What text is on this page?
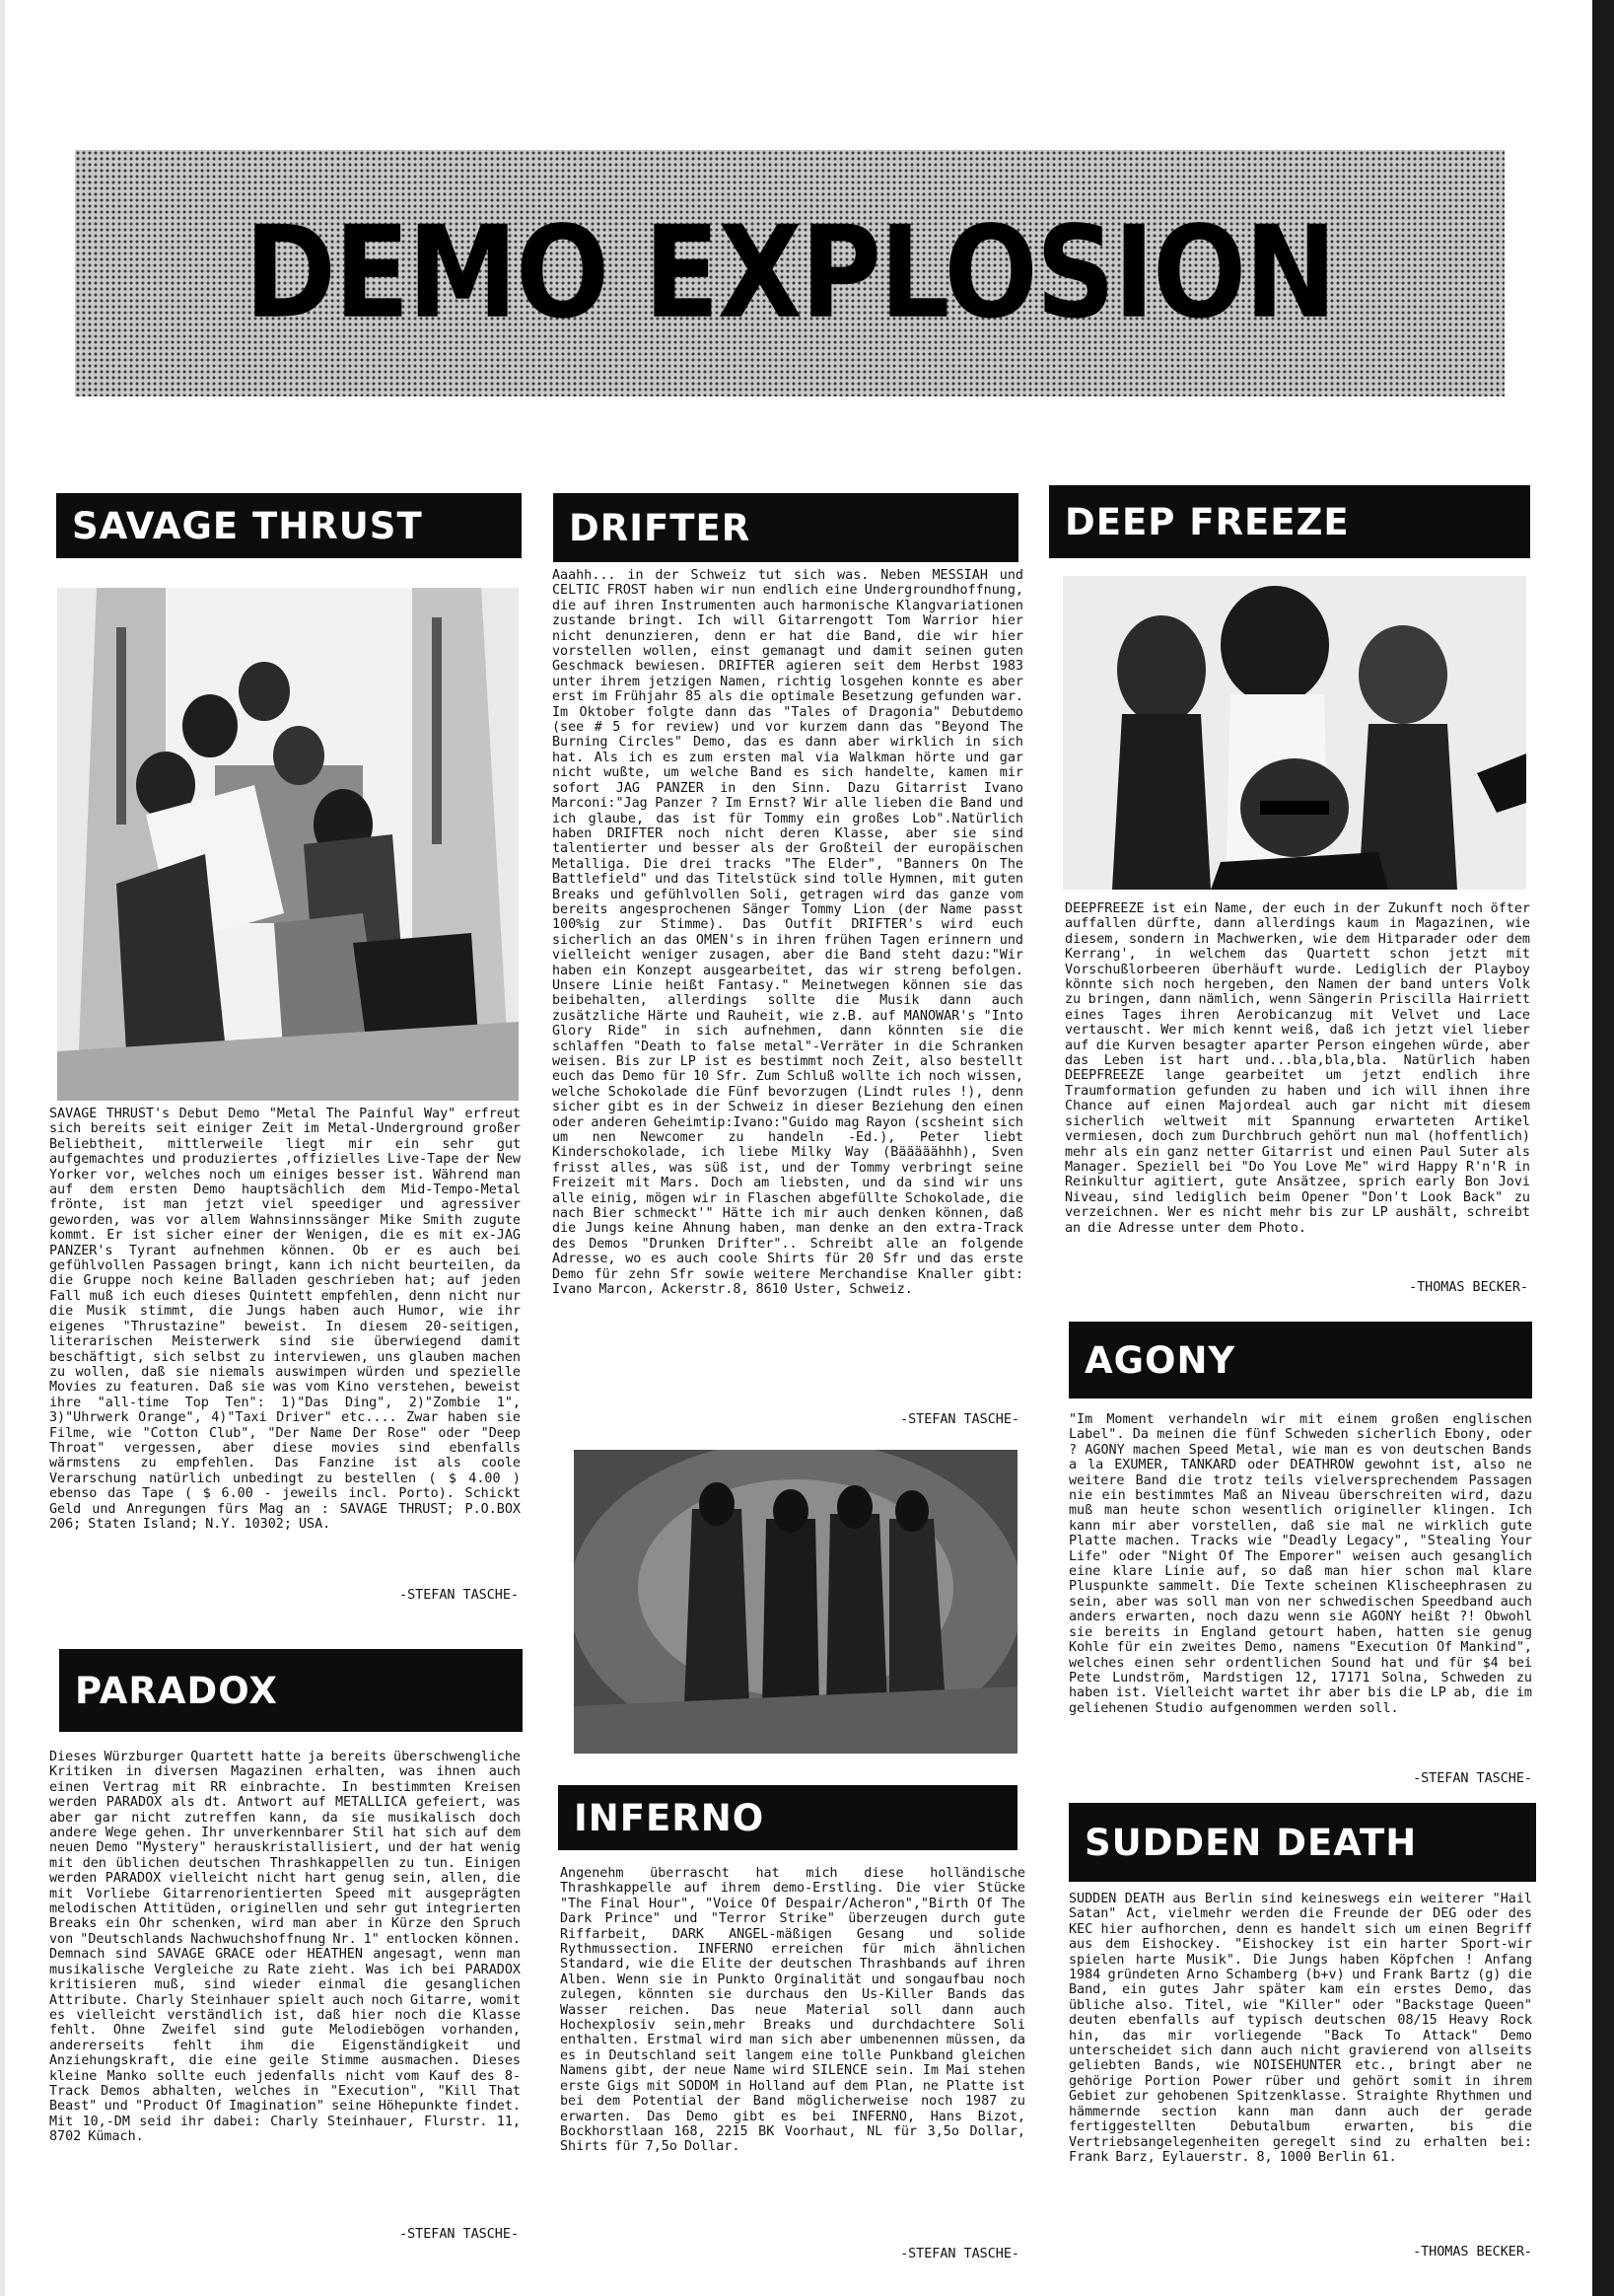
DEMO EXPLOSION
SAVAGE THRUST
SAVAGE THRUST's Debut Demo "Metal The Painful Way" erfreut sich bereits seit einiger Zeit im Metal-Underground großer Beliebtheit, mittlerweile liegt mir ein sehr gut aufgemachtes und produziertes ,offizielles Live-Tape der New Yorker vor, welches noch um einiges besser ist. Während man auf dem ersten Demo hauptsächlich dem Mid-Tempo-Metal frönte, ist man jetzt viel speediger und agressiver geworden, was vor allem Wahnsinnssänger Mike Smith zugute kommt. Er ist sicher einer der Wenigen, die es mit ex-JAG PANZER's Tyrant aufnehmen können. Ob er es auch bei gefühlvollen Passagen bringt, kann ich nicht beurteilen, da die Gruppe noch keine Balladen geschrieben hat; auf jeden Fall muß ich euch dieses Quintett empfehlen, denn nicht nur die Musik stimmt, die Jungs haben auch Humor, wie ihr eigenes "Thrustazine" beweist. In diesem 20-seitigen, literarischen Meisterwerk sind sie überwiegend damit beschäftigt, sich selbst zu interviewen, uns glauben machen zu wollen, daß sie niemals auswimpen würden und spezielle Movies zu featuren. Daß sie was vom Kino verstehen, beweist ihre "all-time Top Ten": 1)"Das Ding", 2)"Zombie 1", 3)"Uhrwerk Orange", 4)"Taxi Driver" etc.... Zwar haben sie Filme, wie "Cotton Club", "Der Name Der Rose" oder "Deep Throat" vergessen, aber diese movies sind ebenfalls wärmstens zu empfehlen. Das Fanzine ist als coole Verarschung natürlich unbedingt zu bestellen ( $ 4.00 ) ebenso das Tape ( $ 6.00 - jeweils incl. Porto). Schickt Geld und Anregungen fürs Mag an : SAVAGE THRUST; P.O.BOX 206; Staten Island; N.Y. 10302; USA.
-STEFAN TASCHE-
PARADOX
Dieses Würzburger Quartett hatte ja bereits überschwengliche Kritiken in diversen Magazinen erhalten, was ihnen auch einen Vertrag mit RR einbrachte. In bestimmten Kreisen werden PARADOX als dt. Antwort auf METALLICA gefeiert, was aber gar nicht zutreffen kann, da sie musikalisch doch andere Wege gehen. Ihr unverkennbarer Stil hat sich auf dem neuen Demo "Mystery" herauskristallisiert, und der hat wenig mit den üblichen deutschen Thrashkappellen zu tun. Einigen werden PARADOX vielleicht nicht hart genug sein, allen, die mit Vorliebe Gitarrenorientierten Speed mit ausgeprägten melodischen Attitüden, originellen und sehr gut integrierten Breaks ein Ohr schenken, wird man aber in Kürze den Spruch von "Deutschlands Nachwuchshoffnung Nr. 1" entlocken können. Demnach sind SAVAGE GRACE oder HEATHEN angesagt, wenn man musikalische Vergleiche zu Rate zieht. Was ich bei PARADOX kritisieren muß, sind wieder einmal die gesanglichen Attribute. Charly Steinhauer spielt auch noch Gitarre, womit es vielleicht verständlich ist, daß hier noch die Klasse fehlt. Ohne Zweifel sind gute Melodiebögen vorhanden, andererseits fehlt ihm die Eigenständigkeit und Anziehungskraft, die eine geile Stimme ausmachen. Dieses kleine Manko sollte euch jedenfalls nicht vom Kauf des 8-Track Demos abhalten, welches in "Execution", "Kill That Beast" und "Product Of Imagination" seine Höhepunkte findet. Mit 10,-DM seid ihr dabei: Charly Steinhauer, Flurstr. 11, 8702 Kümach.
-STEFAN TASCHE-
DRIFTER
Aaahh... in der Schweiz tut sich was. Neben MESSIAH und CELTIC FROST haben wir nun endlich eine Undergroundhoffnung, die auf ihren Instrumenten auch harmonische Klangvariationen zustande bringt. Ich will Gitarrengott Tom Warrior hier nicht denunzieren, denn er hat die Band, die wir hier vorstellen wollen, einst gemanagt und damit seinen guten Geschmack bewiesen. DRIFTER agieren seit dem Herbst 1983 unter ihrem jetzigen Namen, richtig losgehen konnte es aber erst im Frühjahr 85 als die optimale Besetzung gefunden war. Im Oktober folgte dann das "Tales of Dragonia" Debutdemo (see # 5 for review) und vor kurzem dann das "Beyond The Burning Circles" Demo, das es dann aber wirklich in sich hat. Als ich es zum ersten mal via Walkman hörte und gar nicht wußte, um welche Band es sich handelte, kamen mir sofort JAG PANZER in den Sinn. Dazu Gitarrist Ivano Marconi:"Jag Panzer ? Im Ernst? Wir alle lieben die Band und ich glaube, das ist für Tommy ein großes Lob".Natürlich haben DRIFTER noch nicht deren Klasse, aber sie sind talentierter und besser als der Großteil der europäischen Metalliga. Die drei tracks "The Elder", "Banners On The Battlefield" und das Titelstück sind tolle Hymnen, mit guten Breaks und gefühlvollen Soli, getragen wird das ganze vom bereits angesprochenen Sänger Tommy Lion (der Name passt 100%ig zur Stimme). Das Outfit DRIFTER's wird euch sicherlich an das OMEN's in ihren frühen Tagen erinnern und vielleicht weniger zusagen, aber die Band steht dazu:"Wir haben ein Konzept ausgearbeitet, das wir streng befolgen. Unsere Linie heißt Fantasy." Meinetwegen können sie das beibehalten, allerdings sollte die Musik dann auch zusätzliche Härte und Rauheit, wie z.B. auf MANOWAR's "Into Glory Ride" in sich aufnehmen, dann könnten sie die schlaffen "Death to false metal"-Verräter in die Schranken weisen. Bis zur LP ist es bestimmt noch Zeit, also bestellt euch das Demo für 10 Sfr. Zum Schluß wollte ich noch wissen, welche Schokolade die Fünf bevorzugen (Lindt rules !), denn sicher gibt es in der Schweiz in dieser Beziehung den einen oder anderen Geheimtip:Ivano:"Guido mag Rayon (scsheint sich um nen Newcomer zu handeln -Ed.), Peter liebt Kinderschokolade, ich liebe Milky Way (Bääääähhh), Sven frisst alles, was süß ist, und der Tommy verbringt seine Freizeit mit Mars. Doch am liebsten, und da sind wir uns alle einig, mögen wir in Flaschen abgefüllte Schokolade, die nach Bier schmeckt'" Hätte ich mir auch denken können, daß die Jungs keine Ahnung haben, man denke an den extra-Track des Demos "Drunken Drifter".. Schreibt alle an folgende Adresse, wo es auch coole Shirts für 20 Sfr und das erste Demo für zehn Sfr sowie weitere Merchandise Knaller gibt: Ivano Marcon, Ackerstr.8, 8610 Uster, Schweiz.
-STEFAN TASCHE-
INFERNO
Angenehm überrascht hat mich diese holländische Thrashkappelle auf ihrem demo-Erstling. Die vier Stücke "The Final Hour", "Voice Of Despair/Acheron","Birth Of The Dark Prince" und "Terror Strike" überzeugen durch gute Riffarbeit, DARK ANGEL-mäßigen Gesang und solide Rythmussection. INFERNO erreichen für mich ähnlichen Standard, wie die Elite der deutschen Thrashbands auf ihren Alben. Wenn sie in Punkto Orginalität und songaufbau noch zulegen, könnten sie durchaus den Us-Killer Bands das Wasser reichen. Das neue Material soll dann auch Hochexplosiv sein,mehr Breaks und durchdachtere Soli enthalten. Erstmal wird man sich aber umbenennen müssen, da es in Deutschland seit langem eine tolle Punkband gleichen Namens gibt, der neue Name wird SILENCE sein. Im Mai stehen erste Gigs mit SODOM in Holland auf dem Plan, ne Platte ist bei dem Potential der Band möglicherweise noch 1987 zu erwarten. Das Demo gibt es bei INFERNO, Hans Bizot, Bockhorstlaan 168, 2215 BK Voorhaut, NL für 3,5o Dollar, Shirts für 7,5o Dollar.
-STEFAN TASCHE-
DEEP FREEZE
DEEPFREEZE ist ein Name, der euch in der Zukunft noch öfter auffallen dürfte, dann allerdings kaum in Magazinen, wie diesem, sondern in Machwerken, wie dem Hitparader oder dem Kerrang', in welchem das Quartett schon jetzt mit Vorschußlorbeeren überhäuft wurde. Lediglich der Playboy könnte sich noch hergeben, den Namen der band unters Volk zu bringen, dann nämlich, wenn Sängerin Priscilla Hairriett eines Tages ihren Aerobicanzug mit Velvet und Lace vertauscht. Wer mich kennt weiß, daß ich jetzt viel lieber auf die Kurven besagter aparter Person eingehen würde, aber das Leben ist hart und...bla,bla,bla. Natürlich haben DEEPFREEZE lange gearbeitet um jetzt endlich ihre Traumformation gefunden zu haben und ich will ihnen ihre Chance auf einen Majordeal auch gar nicht mit diesem sicherlich weltweit mit Spannung erwarteten Artikel vermiesen, doch zum Durchbruch gehört nun mal (hoffentlich) mehr als ein ganz netter Gitarrist und einen Paul Suter als Manager. Speziell bei "Do You Love Me" wird Happy R'n'R in Reinkultur agitiert, gute Ansätzee, sprich early Bon Jovi Niveau, sind lediglich beim Opener "Don't Look Back" zu verzeichnen. Wer es nicht mehr bis zur LP aushält, schreibt an die Adresse unter dem Photo.
-THOMAS BECKER-
AGONY
"Im Moment verhandeln wir mit einem großen englischen Label". Da meinen die fünf Schweden sicherlich Ebony, oder ? AGONY machen Speed Metal, wie man es von deutschen Bands a la EXUMER, TANKARD oder DEATHROW gewohnt ist, also ne weitere Band die trotz teils vielversprechendem Passagen nie ein bestimmtes Maß an Niveau überschreiten wird, dazu muß man heute schon wesentlich origineller klingen. Ich kann mir aber vorstellen, daß sie mal ne wirklich gute Platte machen. Tracks wie "Deadly Legacy", "Stealing Your Life" oder "Night Of The Emporer" weisen auch gesanglich eine klare Linie auf, so daß man hier schon mal klare Pluspunkte sammelt. Die Texte scheinen Klischeephrasen zu sein, aber was soll man von ner schwedischen Speedband auch anders erwarten, noch dazu wenn sie AGONY heißt ?! Obwohl sie bereits in England getourt haben, hatten sie genug Kohle für ein zweites Demo, namens "Execution Of Mankind", welches einen sehr ordentlichen Sound hat und für $4 bei Pete Lundström, Mardstigen 12, 17171 Solna, Schweden zu haben ist. Vielleicht wartet ihr aber bis die LP ab, die im geliehenen Studio aufgenommen werden soll.
-STEFAN TASCHE-
SUDDEN DEATH
SUDDEN DEATH aus Berlin sind keineswegs ein weiterer "Hail Satan" Act, vielmehr werden die Freunde der DEG oder des KEC hier aufhorchen, denn es handelt sich um einen Begriff aus dem Eishockey. "Eishockey ist ein harter Sport-wir spielen harte Musik". Die Jungs haben Köpfchen ! Anfang 1984 gründeten Arno Schamberg (b+v) und Frank Bartz (g) die Band, ein gutes Jahr später kam ein erstes Demo, das übliche also. Titel, wie "Killer" oder "Backstage Queen" deuten ebenfalls auf typisch deutschen 08/15 Heavy Rock hin, das mir vorliegende "Back To Attack" Demo unterscheidet sich dann auch nicht gravierend von allseits geliebten Bands, wie NOISEHUNTER etc., bringt aber ne gehörige Portion Power rüber und gehört somit in ihrem Gebiet zur gehobenen Spitzenklasse. Straighte Rhythmen und hämmernde section kann man dann auch der gerade fertiggestellten Debutalbum erwarten, bis die Vertriebsangelegenheiten geregelt sind zu erhalten bei: Frank Barz, Eylauerstr. 8, 1000 Berlin 61.
-THOMAS BECKER-
